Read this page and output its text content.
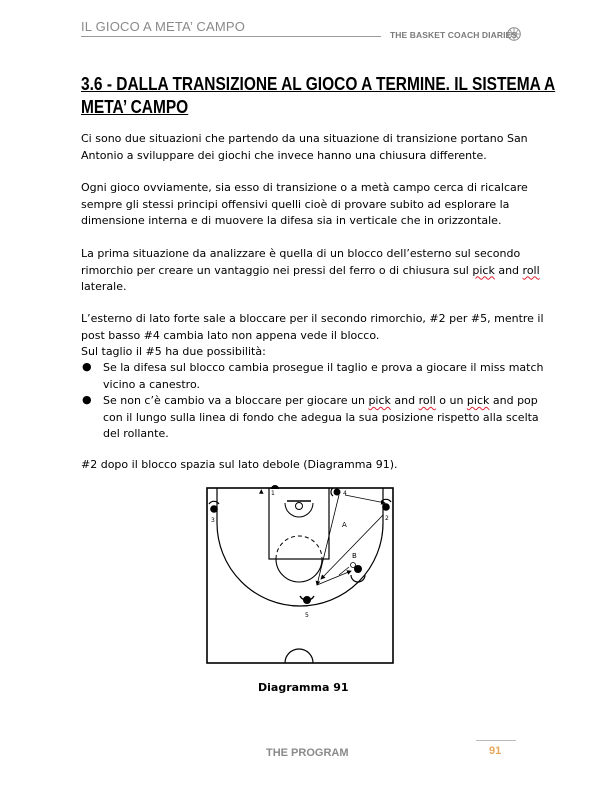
IL GIOCO A META’ CAMPO
THE BASKET COACH DIARIES
3.6 - DALLA TRANSIZIONE AL GIOCO A TERMINE. IL SISTEMA A
META’ CAMPO
Ci sono due situazioni che partendo da una situazione di transizione portano San
Antonio a sviluppare dei giochi che invece hanno una chiusura differente.
Ogni gioco ovviamente, sia esso di transizione o a metà campo cerca di ricalcare
sempre gli stessi principi offensivi quelli cioè di provare subito ad esplorare la
dimensione interna e di muovere la difesa sia in verticale che in orizzontale.
La prima situazione da analizzare è quella di un blocco dell’esterno sul secondo
rimorchio per creare un vantaggio nei pressi del ferro o di chiusura sul pick and roll
laterale.
L’esterno di lato forte sale a bloccare per il secondo rimorchio, #2 per #5, mentre il
post basso #4 cambia lato non appena vede il blocco.
Sul taglio il #5 ha due possibilità:
● Se la difesa sul blocco cambia prosegue il taglio e prova a giocare il miss match
vicino a canestro.
● Se non c’è cambio va a bloccare per giocare un pick and roll o un pick and pop
con il lungo sulla linea di fondo che adegua la sua posizione rispetto alla scelta
del rollante.
#2 dopo il blocco spazia sul lato debole (Diagramma 91).
▲ 1	4
3	2
5
A
B
Diagramma 91
THE PROGRAM	91
